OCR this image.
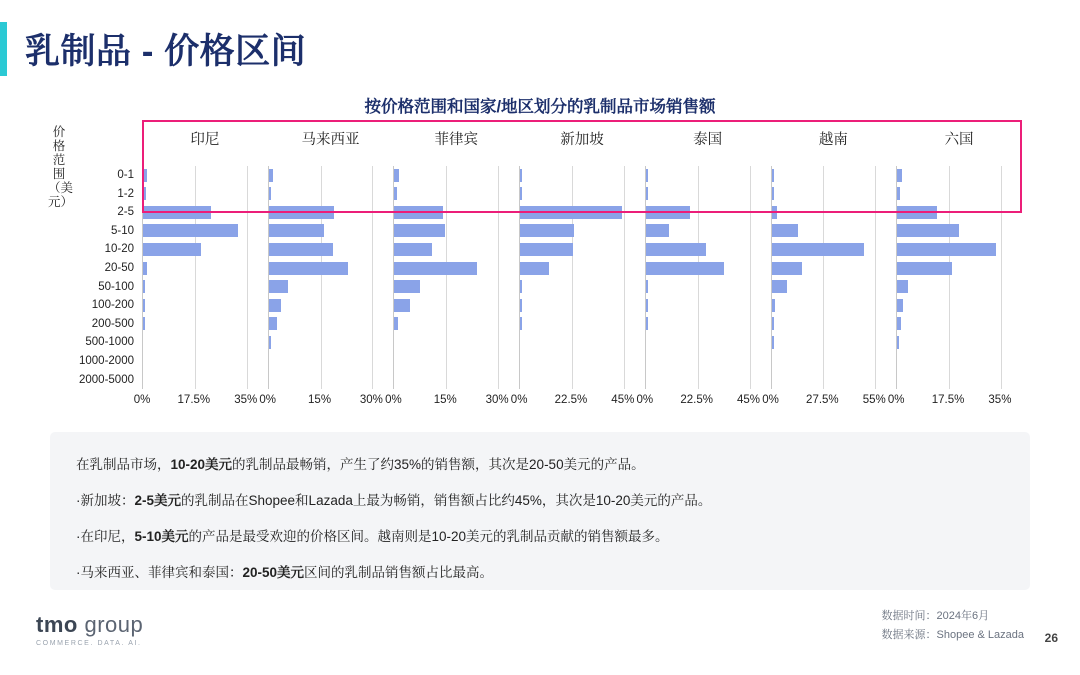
乳制品 - 价格区间
按价格范围和国家/地区划分的乳制品市场销售额
印尼	马来西亚	菲律宾	新加坡	泰国	越南	六国
0-1
1-2
2-5
5-10
10-20
20-50
50-100
100-200
200-500
500-1000
1000-2000
2000-5000
0% 17.5% 35% 0%	15%	30% 0%	15%	30% 0% 22.5% 45% 0% 22.5% 45% 0% 27.5% 55% 0% 17.5% 35%
价格范围（美元）
在乳制品市场，10-20美元的乳制品最畅销，产生了约35%的销售额，其次是20-50美元的产品。
·新加坡：2-5美元的乳制品在Shopee和Lazada上最为畅销，销售额占比约45%，其次是10-20美元的产品。
·在印尼，5-10美元的产品是最受欢迎的价格区间。越南则是10-20美元的乳制品贡献的销售额最多。
·马来西亚、菲律宾和泰国：20-50美元区间的乳制品销售额占比最高。
tmo group
COMMERCE. DATA. AI.
数据时间：2024年6月
数据来源：Shopee & Lazada 26
